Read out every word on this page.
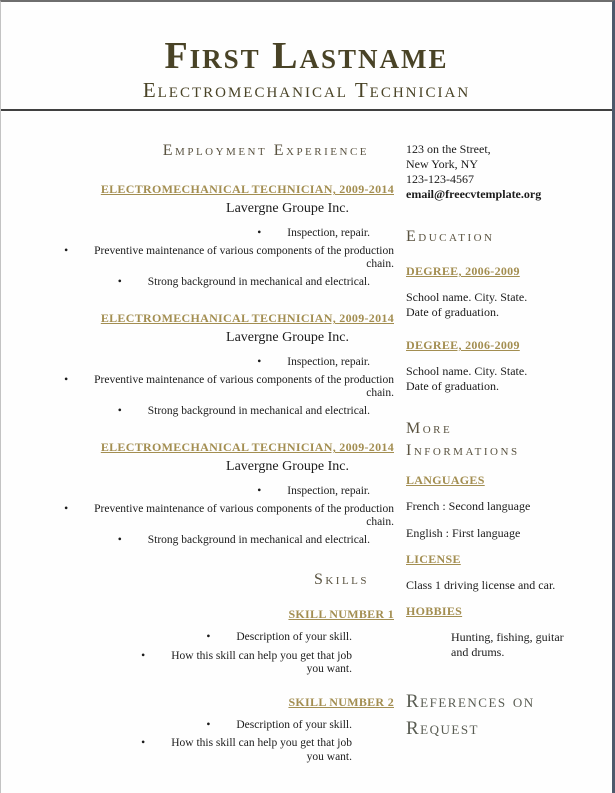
First Lastname
Electromechanical Technician
Employment Experience
ELECTROMECHANICAL TECHNICIAN, 2009-2014
Lavergne Groupe Inc.
• Inspection, repair.
• Preventive maintenance of various components of the production chain.
• Strong background in mechanical and electrical.
ELECTROMECHANICAL TECHNICIAN, 2009-2014
Lavergne Groupe Inc.
• Inspection, repair.
• Preventive maintenance of various components of the production chain.
• Strong background in mechanical and electrical.
ELECTROMECHANICAL TECHNICIAN, 2009-2014
Lavergne Groupe Inc.
• Inspection, repair.
• Preventive maintenance of various components of the production chain.
• Strong background in mechanical and electrical.
Skills
SKILL NUMBER 1
• Description of your skill.
• How this skill can help you get that job you want.
SKILL NUMBER 2
• Description of your skill.
• How this skill can help you get that job you want.
123 on the Street,
New York, NY
123-123-4567
email@freecvtemplate.org
Education
DEGREE, 2006-2009
School name. City. State.
Date of graduation.
DEGREE, 2006-2009
School name. City. State.
Date of graduation.
More Informations
LANGUAGES
French : Second language
English : First language
LICENSE
Class 1 driving license and car.
HOBBIES
Hunting, fishing, guitar and drums.
References on Request
